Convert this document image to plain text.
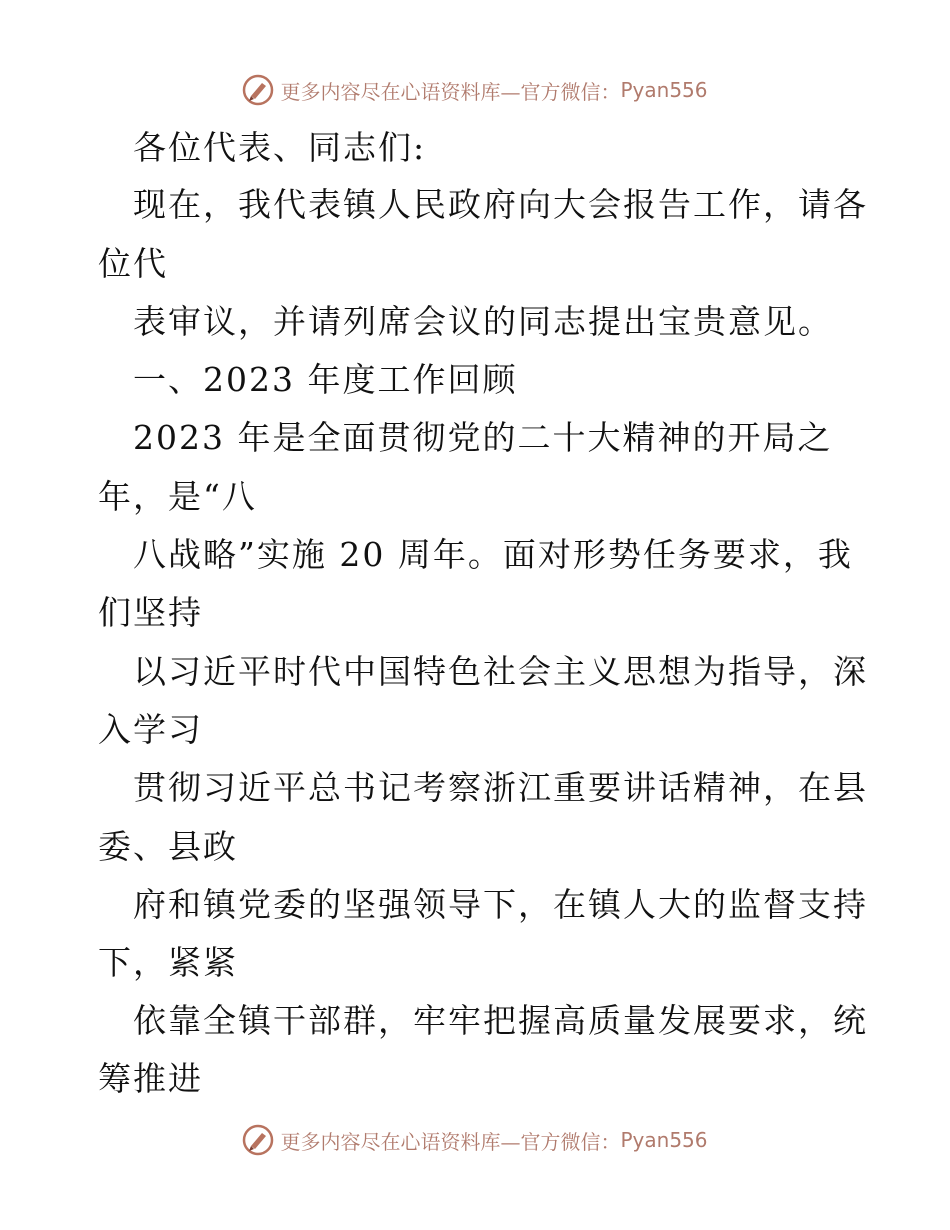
更多内容尽在心语资料库—官方微信： Pyan556
各位代表、同志们:
现在，我代表镇人民政府向大会报告工作，请各
位代
表审议，并请列席会议的同志提出宝贵意见。
一、2023 年度工作回顾
2023 年是全面贯彻党的二十大精神的开局之
年，是“八
八战略”实施 20 周年。面对形势任务要求，我
们坚持
以习近平时代中国特色社会主义思想为指导，深
入学习
贯彻习近平总书记考察浙江重要讲话精神，在县
委、县政
府和镇党委的坚强领导下，在镇人大的监督支持
下，紧紧
依靠全镇干部群，牢牢把握高质量发展要求，统
筹推进
更多内容尽在心语资料库—官方微信： Pyan556
